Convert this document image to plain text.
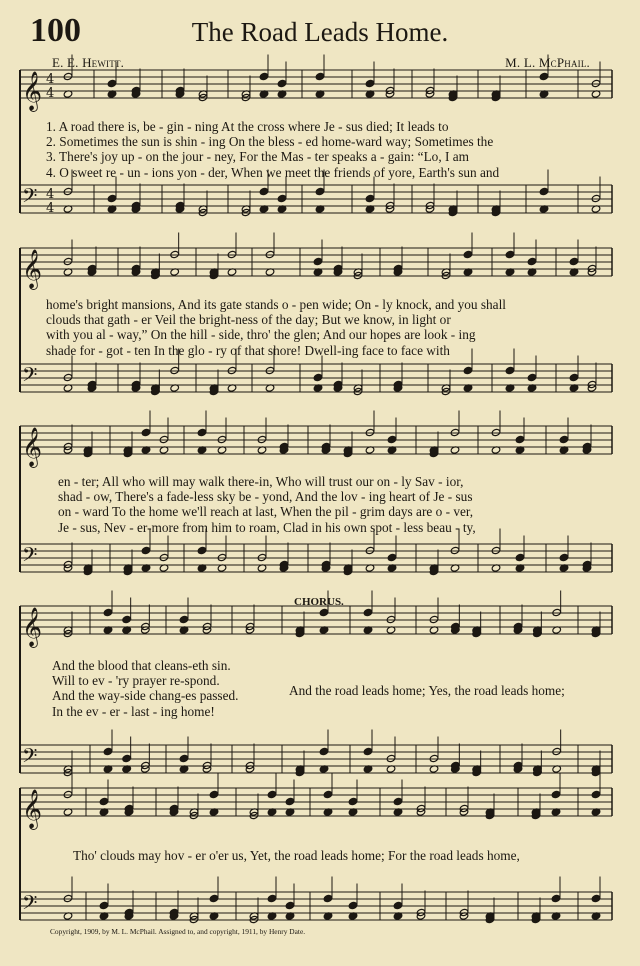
𝄞 4
4
𝄢 4
4
𝄞
𝄢
𝄞
𝄢
𝄞
𝄢
𝄞
𝄢
100	The Road Leads Home.
E. E. Hewitt.	M. L. McPhail.
1. A road there is, be - gin - ning At the cross where Je - sus died; It leads to
2. Sometimes the sun is shin - ing On the bless - ed home-ward way; Sometimes the
3. There's joy up - on the jour - ney, For the Mas - ter speaks a - gain: “Lo, I am
4. O sweet re - un - ions yon - der, When we meet the friends of yore, Earth's sun and
home's bright mansions, And its gate stands o - pen wide; On - ly knock, and you shall
clouds that gath - er Veil the bright-ness of the day; But we know, in light or
with you al - way,” On the hill - side, thro' the glen; And our hopes are look - ing
shade for - got - ten In the glo - ry of that shore! Dwell-ing face to face with
en - ter; All who will may walk there-in, Who will trust our on - ly Sav - ior,
shad - ow, There's a fade-less sky be - yond, And the lov - ing heart of Je - sus
on - ward To the home we'll reach at last, When the pil - grim days are o - ver,
Je - sus, Nev - er-more from him to roam, Clad in his own spot - less beau - ty,
CHORUS.
And the blood that cleans-eth sin.
Will to ev - 'ry prayer re-spond.
And the way-side chang-es passed.
In the ev - er - last - ing home!
And the road leads home; Yes, the road leads home;
Tho' clouds may hov - er o'er us, Yet, the road leads home; For the road leads home,
Copyright, 1909, by M. L. McPhail. Assigned to, and copyright, 1911, by Henry Date.
